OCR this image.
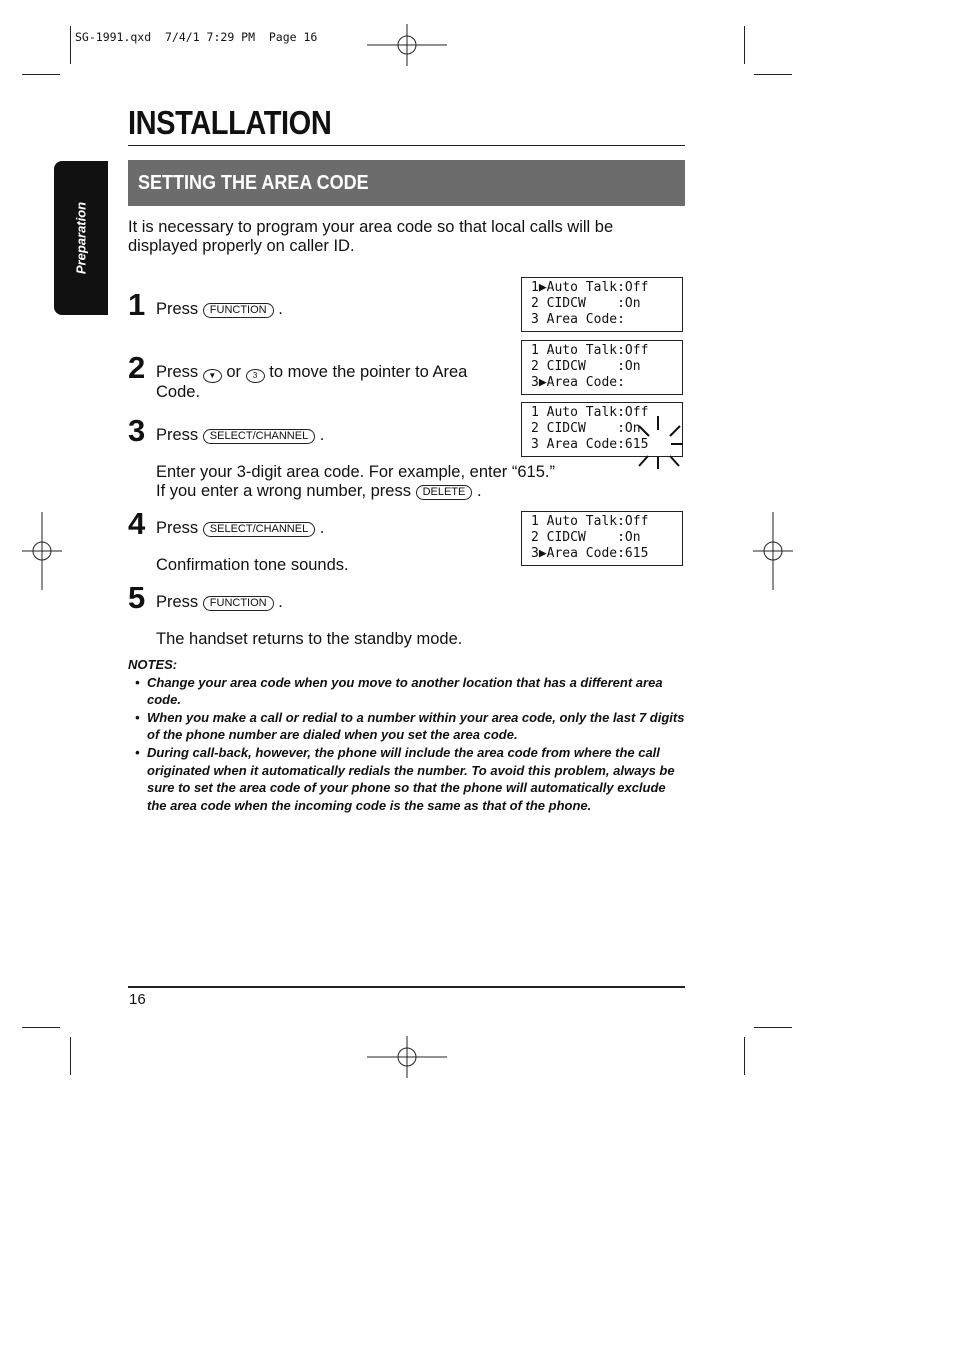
SG-1991.qxd  7/4/1 7:29 PM  Page 16
Preparation
INSTALLATION
SETTING THE AREA CODE
It is necessary to program your area code so that local calls will be displayed properly on caller ID.
1 Press FUNCTION .
2 Press ▼ or 3 to move the pointer to Area
Code.
3 Press SELECT/CHANNEL .
Enter your 3-digit area code. For example, enter “615.”
If you enter a wrong number, press DELETE .
4 Press SELECT/CHANNEL .
Confirmation tone sounds.
5 Press FUNCTION .
The handset returns to the standby mode.
1▶Auto Talk:Off
2 CIDCW    :On
3 Area Code:
1 Auto Talk:Off
2 CIDCW    :On
3▶Area Code:
1 Auto Talk:Off
2 CIDCW    :On
3 Area Code:615
1 Auto Talk:Off
2 CIDCW    :On
3▶Area Code:615
NOTES:
• Change your area code when you move to another location that has a different area code.
• When you make a call or redial to a number within your area code, only the last 7 digits of the phone number are dialed when you set the area code.
• During call-back, however, the phone will include the area code from where the call originated when it automatically redials the number. To avoid this problem, always be sure to set the area code of your phone so that the phone will automatically exclude the area code when the incoming code is the same as that of the phone.
16
